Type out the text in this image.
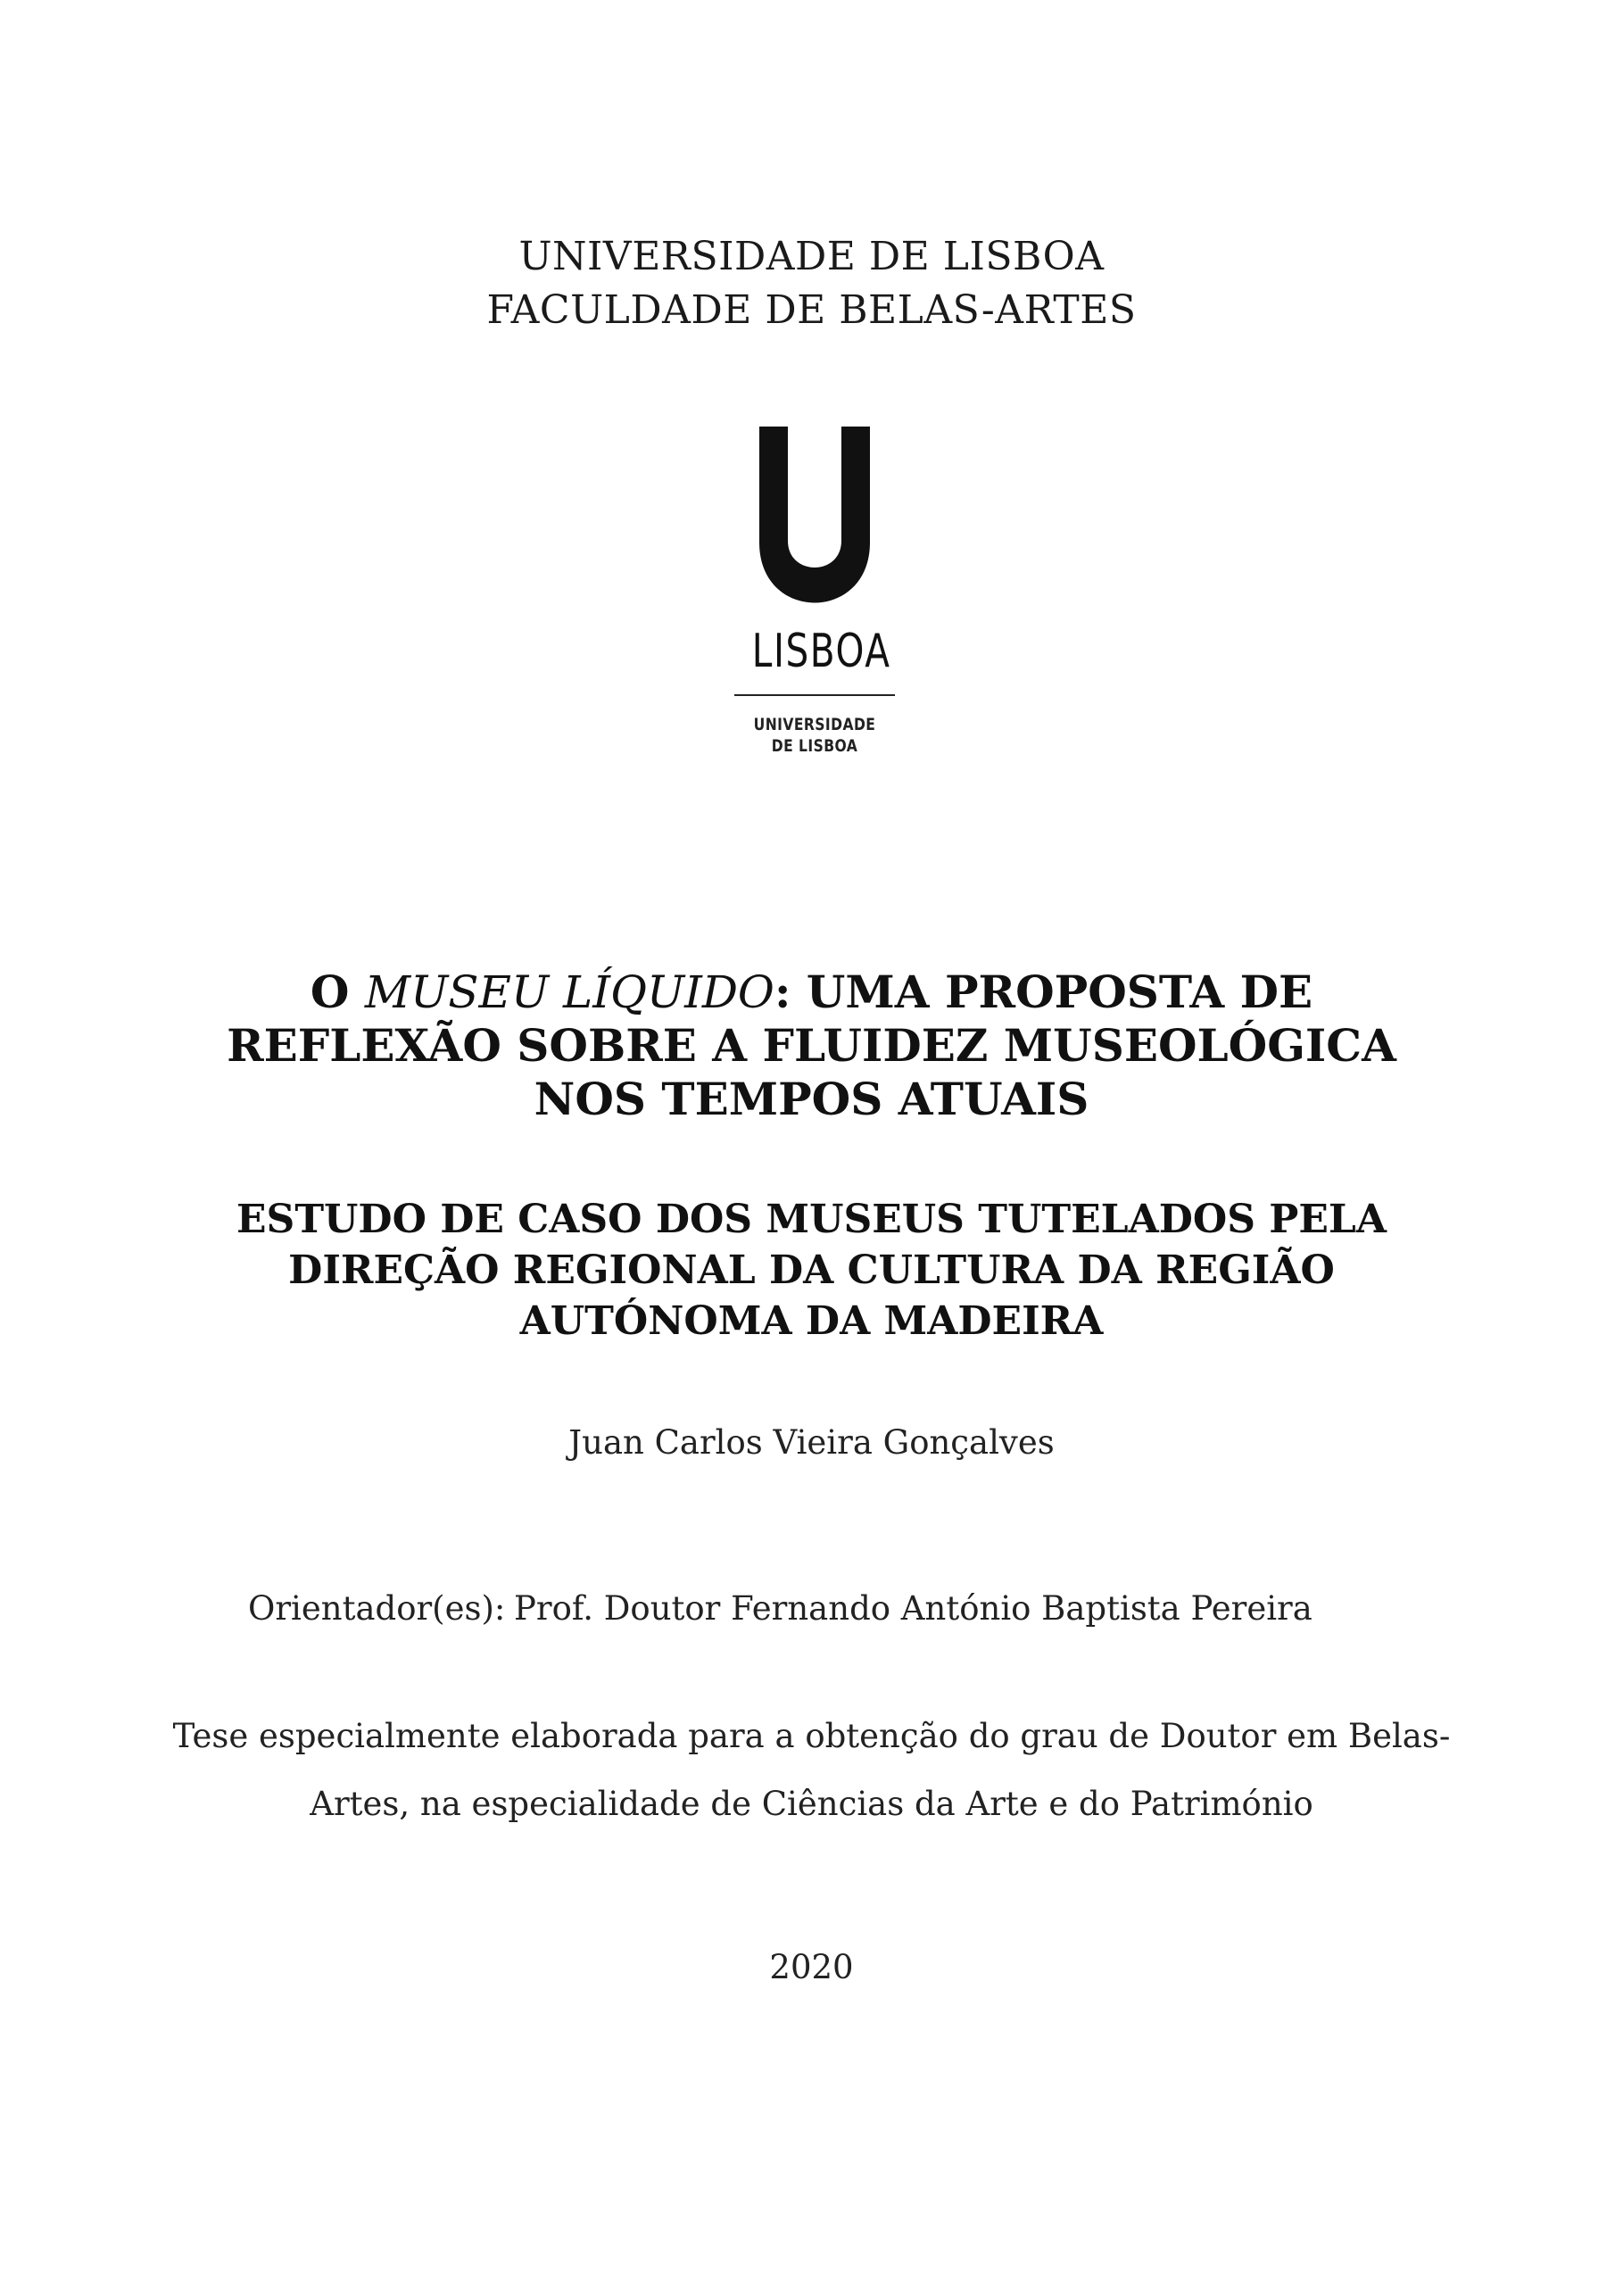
UNIVERSIDADE DE LISBOA
FACULDADE DE BELAS-ARTES
LISBOA
UNIVERSIDADE
DE LISBOA
O MUSEU LÍQUIDO: UMA PROPOSTA DE
REFLEXÃO SOBRE A FLUIDEZ MUSEOLÓGICA
NOS TEMPOS ATUAIS
ESTUDO DE CASO DOS MUSEUS TUTELADOS PELA
DIREÇÃO REGIONAL DA CULTURA DA REGIÃO
AUTÓNOMA DA MADEIRA
Juan Carlos Vieira Gonçalves
Orientador(es): Prof. Doutor Fernando António Baptista Pereira
Tese especialmente elaborada para a obtenção do grau de Doutor em Belas-
Artes, na especialidade de Ciências da Arte e do Património
2020
